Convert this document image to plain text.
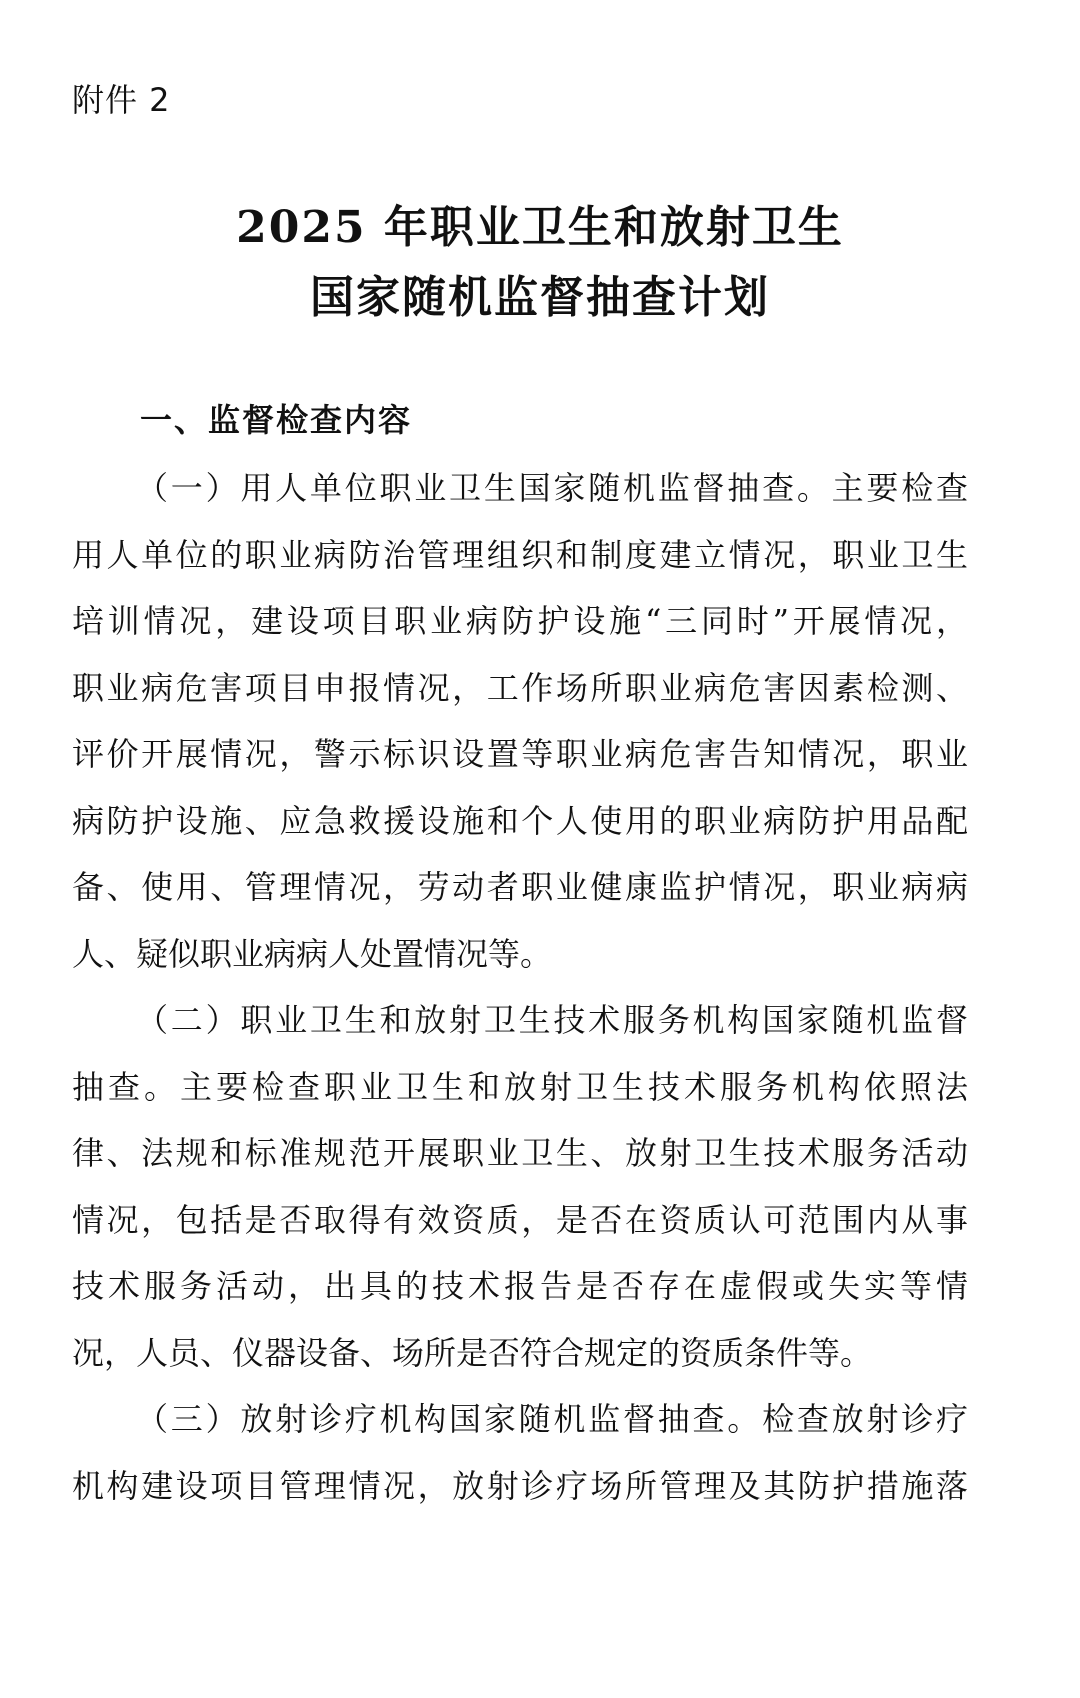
附件 2
2025 年职业卫生和放射卫生
国家随机监督抽查计划
一、监督检查内容
（一）用人单位职业卫生国家随机监督抽查。主要检查
用人单位的职业病防治管理组织和制度建立情况，职业卫生
培训情况，建设项目职业病防护设施“三同时”开展情况，
职业病危害项目申报情况，工作场所职业病危害因素检测、
评价开展情况，警示标识设置等职业病危害告知情况，职业
病防护设施、应急救援设施和个人使用的职业病防护用品配
备、使用、管理情况，劳动者职业健康监护情况，职业病病
人、疑似职业病病人处置情况等。
（二）职业卫生和放射卫生技术服务机构国家随机监督
抽查。主要检查职业卫生和放射卫生技术服务机构依照法
律、法规和标准规范开展职业卫生、放射卫生技术服务活动
情况，包括是否取得有效资质，是否在资质认可范围内从事
技术服务活动，出具的技术报告是否存在虚假或失实等情
况，人员、仪器设备、场所是否符合规定的资质条件等。
（三）放射诊疗机构国家随机监督抽查。检查放射诊疗
机构建设项目管理情况，放射诊疗场所管理及其防护措施落
